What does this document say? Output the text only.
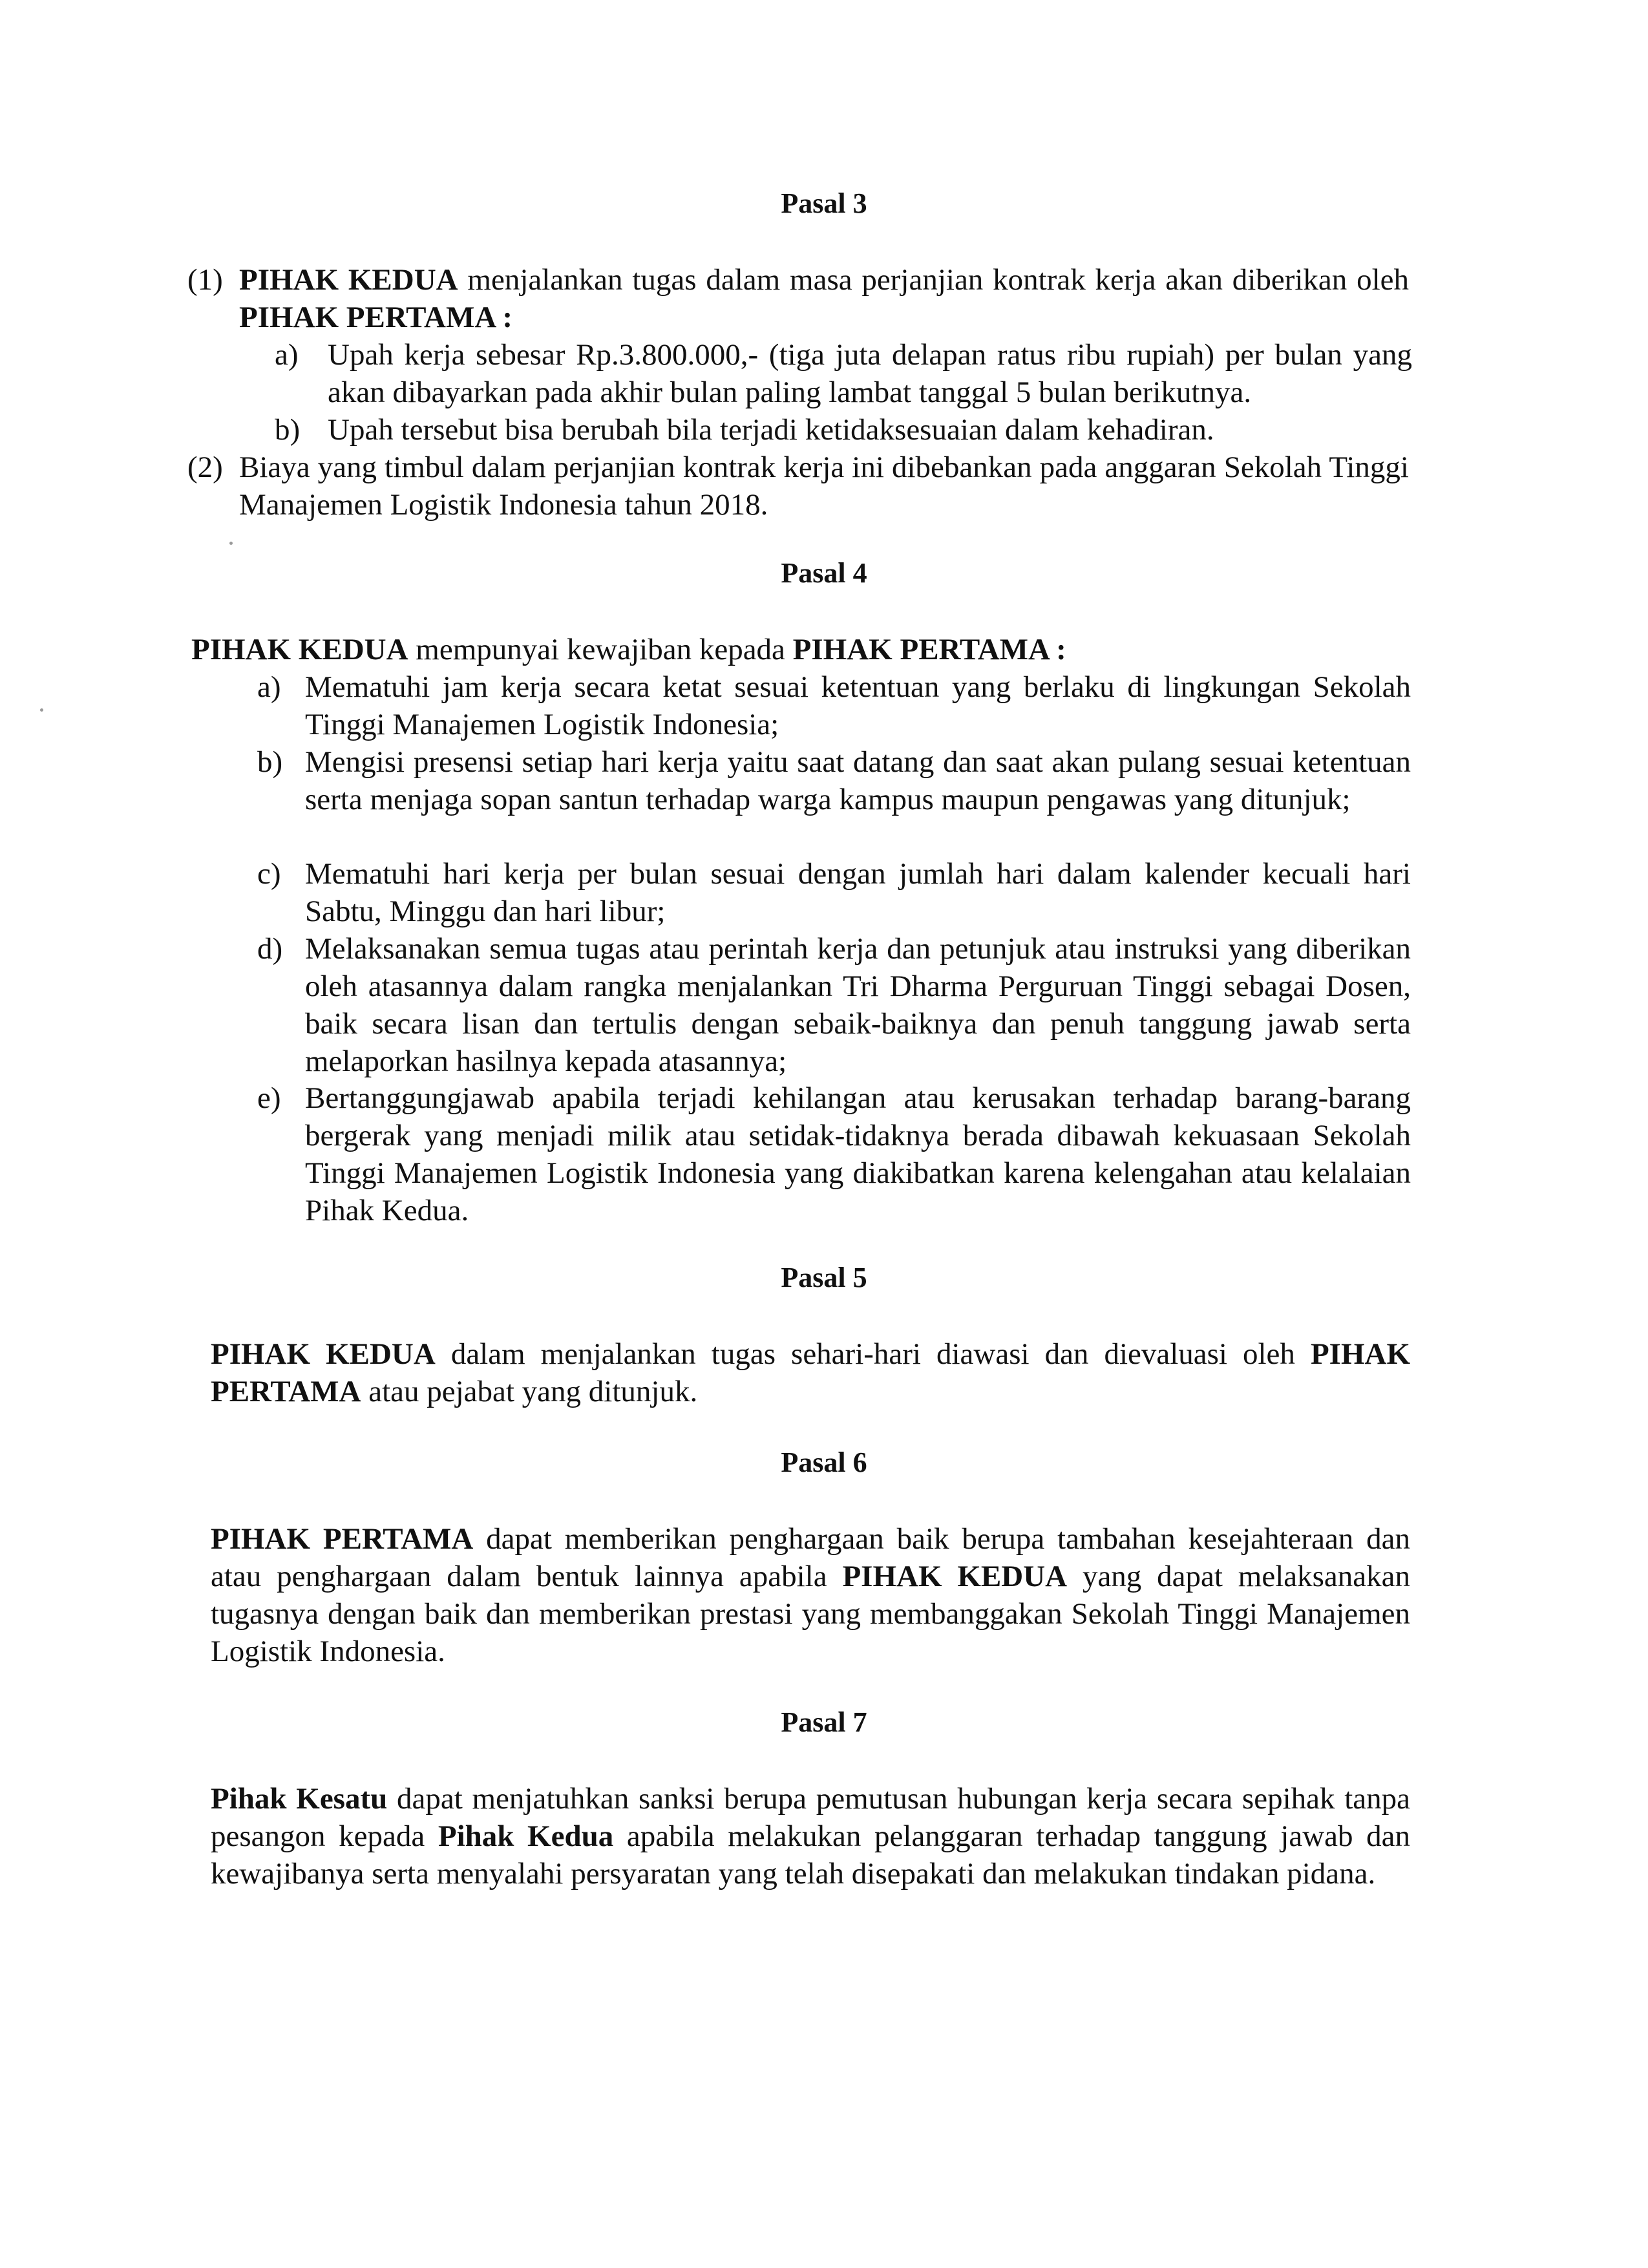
Pasal 3
(1) PIHAK KEDUA menjalankan tugas dalam masa perjanjian kontrak kerja akan diberikan oleh PIHAK PERTAMA :
a) Upah kerja sebesar Rp.3.800.000,- (tiga juta delapan ratus ribu rupiah) per bulan yang akan dibayarkan pada akhir bulan paling lambat tanggal 5 bulan berikutnya.
b) Upah tersebut bisa berubah bila terjadi ketidaksesuaian dalam kehadiran.
(2) Biaya yang timbul dalam perjanjian kontrak kerja ini dibebankan pada anggaran Sekolah Tinggi Manajemen Logistik Indonesia tahun 2018.
Pasal 4
PIHAK KEDUA mempunyai kewajiban kepada PIHAK PERTAMA :
a) Mematuhi jam kerja secara ketat sesuai ketentuan yang berlaku di lingkungan Sekolah Tinggi Manajemen Logistik Indonesia;
b) Mengisi presensi setiap hari kerja yaitu saat datang dan saat akan pulang sesuai ketentuan serta menjaga sopan santun terhadap warga kampus maupun pengawas yang ditunjuk;
c) Mematuhi hari kerja per bulan sesuai dengan jumlah hari dalam kalender kecuali hari Sabtu, Minggu dan hari libur;
d) Melaksanakan semua tugas atau perintah kerja dan petunjuk atau instruksi yang diberikan oleh atasannya dalam rangka menjalankan Tri Dharma Perguruan Tinggi sebagai Dosen, baik secara lisan dan tertulis dengan sebaik-baiknya dan penuh tanggung jawab serta melaporkan hasilnya kepada atasannya;
e) Bertanggungjawab apabila terjadi kehilangan atau kerusakan terhadap barang-barang bergerak yang menjadi milik atau setidak-tidaknya berada dibawah kekuasaan Sekolah Tinggi Manajemen Logistik Indonesia yang diakibatkan karena kelengahan atau kelalaian Pihak Kedua.
Pasal 5
PIHAK KEDUA dalam menjalankan tugas sehari-hari diawasi dan dievaluasi oleh PIHAK PERTAMA atau pejabat yang ditunjuk.
Pasal 6
PIHAK PERTAMA dapat memberikan penghargaan baik berupa tambahan kesejahteraan dan atau penghargaan dalam bentuk lainnya apabila PIHAK KEDUA yang dapat melaksanakan tugasnya dengan baik dan memberikan prestasi yang membanggakan Sekolah Tinggi Manajemen Logistik Indonesia.
Pasal 7
Pihak Kesatu dapat menjatuhkan sanksi berupa pemutusan hubungan kerja secara sepihak tanpa pesangon kepada Pihak Kedua apabila melakukan pelanggaran terhadap tanggung jawab dan kewajibanya serta menyalahi persyaratan yang telah disepakati dan melakukan tindakan pidana.
